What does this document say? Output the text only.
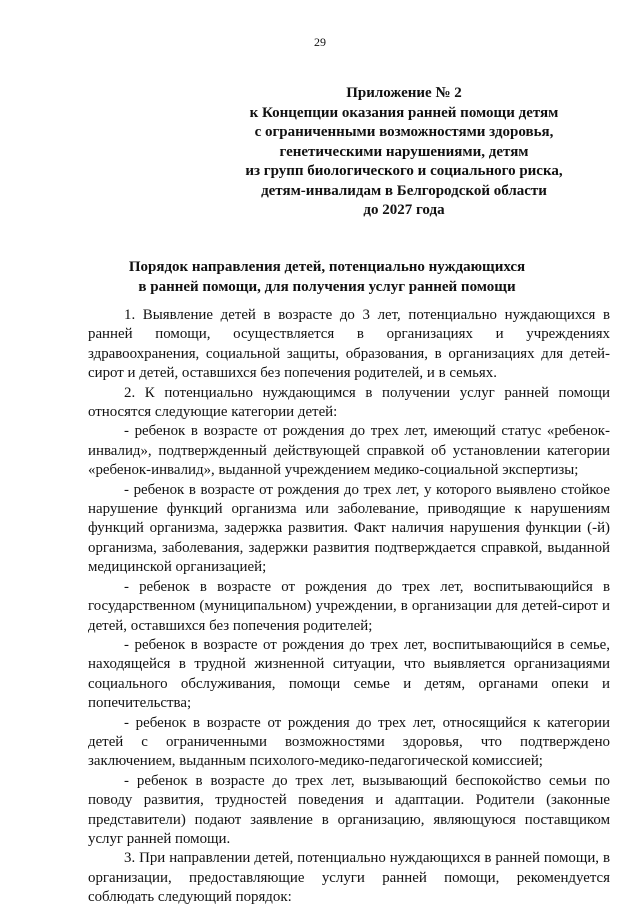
29
Приложение № 2
к Концепции оказания ранней помощи детям
с ограниченными возможностями здоровья,
генетическими нарушениями, детям
из групп биологического и социального риска,
детям-инвалидам в Белгородской области
до 2027 года
Порядок направления детей, потенциально нуждающихся
в ранней помощи, для получения услуг ранней помощи

1. Выявление детей в возрасте до 3 лет, потенциально нуждающихся в ранней помощи, осуществляется в организациях и учреждениях здравоохранения, социальной защиты, образования, в организациях для детей-сирот и детей, оставшихся без попечения родителей, и в семьях.

2. К потенциально нуждающимся в получении услуг ранней помощи относятся следующие категории детей:

- ребенок в возрасте от рождения до трех лет, имеющий статус «ребенок-инвалид», подтвержденный действующей справкой об установлении категории «ребенок-инвалид», выданной учреждением медико-социальной экспертизы;

- ребенок в возрасте от рождения до трех лет, у которого выявлено стойкое нарушение функций организма или заболевание, приводящие к нарушениям функций организма, задержка развития. Факт наличия нарушения функции (-й) организма, заболевания, задержки развития подтверждается справкой, выданной медицинской организацией;

- ребенок в возрасте от рождения до трех лет, воспитывающийся в государственном (муниципальном) учреждении, в организации для детей-сирот и детей, оставшихся без попечения родителей;

- ребенок в возрасте от рождения до трех лет, воспитывающийся в семье, находящейся в трудной жизненной ситуации, что выявляется организациями социального обслуживания, помощи семье и детям, органами опеки и попечительства;

- ребенок в возрасте от рождения до трех лет, относящийся к категории детей с ограниченными возможностями здоровья, что подтверждено заключением, выданным психолого-медико-педагогической комиссией;

- ребенок в возрасте до трех лет, вызывающий беспокойство семьи по поводу развития, трудностей поведения и адаптации. Родители (законные представители) подают заявление в организацию, являющуюся поставщиком услуг ранней помощи.

3. При направлении детей, потенциально нуждающихся в ранней помощи, в организации, предоставляющие услуги ранней помощи, рекомендуется соблюдать следующий порядок:
